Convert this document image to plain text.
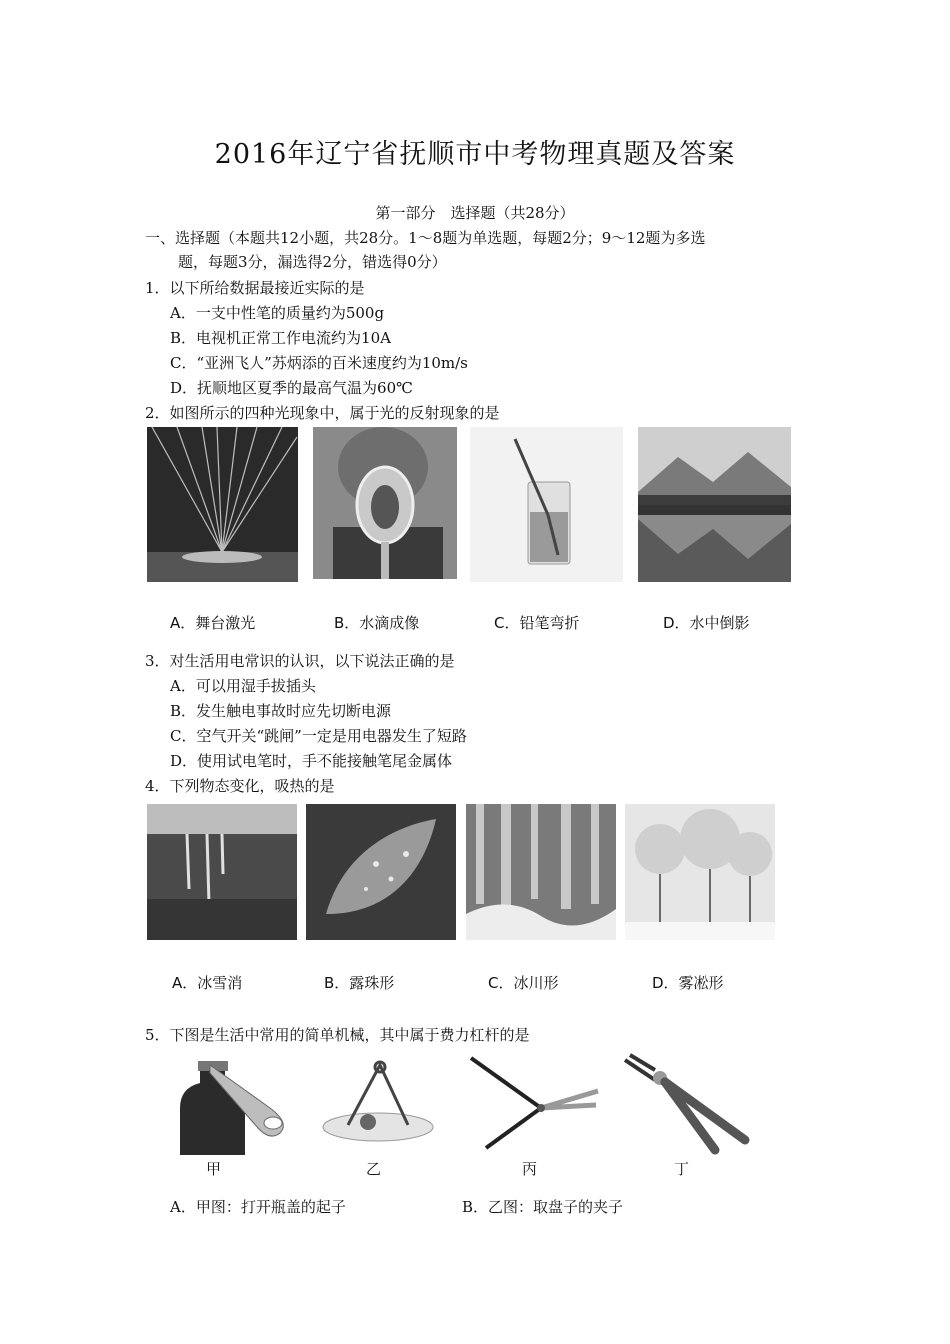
2016年辽宁省抚顺市中考物理真题及答案
第一部分　选择题（共28分）
一、选择题（本题共12小题，共28分。1～8题为单选题，每题2分；9～12题为多选
题，每题3分，漏选得2分，错选得0分）
1．以下所给数据最接近实际的是
A．一支中性笔的质量约为500g
B．电视机正常工作电流约为10A
C．“亚洲飞人”苏炳添的百米速度约为10m/s
D．抚顺地区夏季的最高气温为60℃
2．如图所示的四种光现象中，属于光的反射现象的是
A．舞台激光	B．水滴成像	C．铅笔弯折	D．水中倒影
3．对生活用电常识的认识，以下说法正确的是
A．可以用湿手拔插头
B．发生触电事故时应先切断电源
C．空气开关“跳闸”一定是用电器发生了短路
D．使用试电笔时，手不能接触笔尾金属体
4．下列物态变化，吸热的是
A．冰雪消	B．露珠形	C．冰川形	D．雾凇形
5．下图是生活中常用的简单机械，其中属于费力杠杆的是
甲	乙	丙	丁
A．甲图：打开瓶盖的起子	B．乙图：取盘子的夹子
